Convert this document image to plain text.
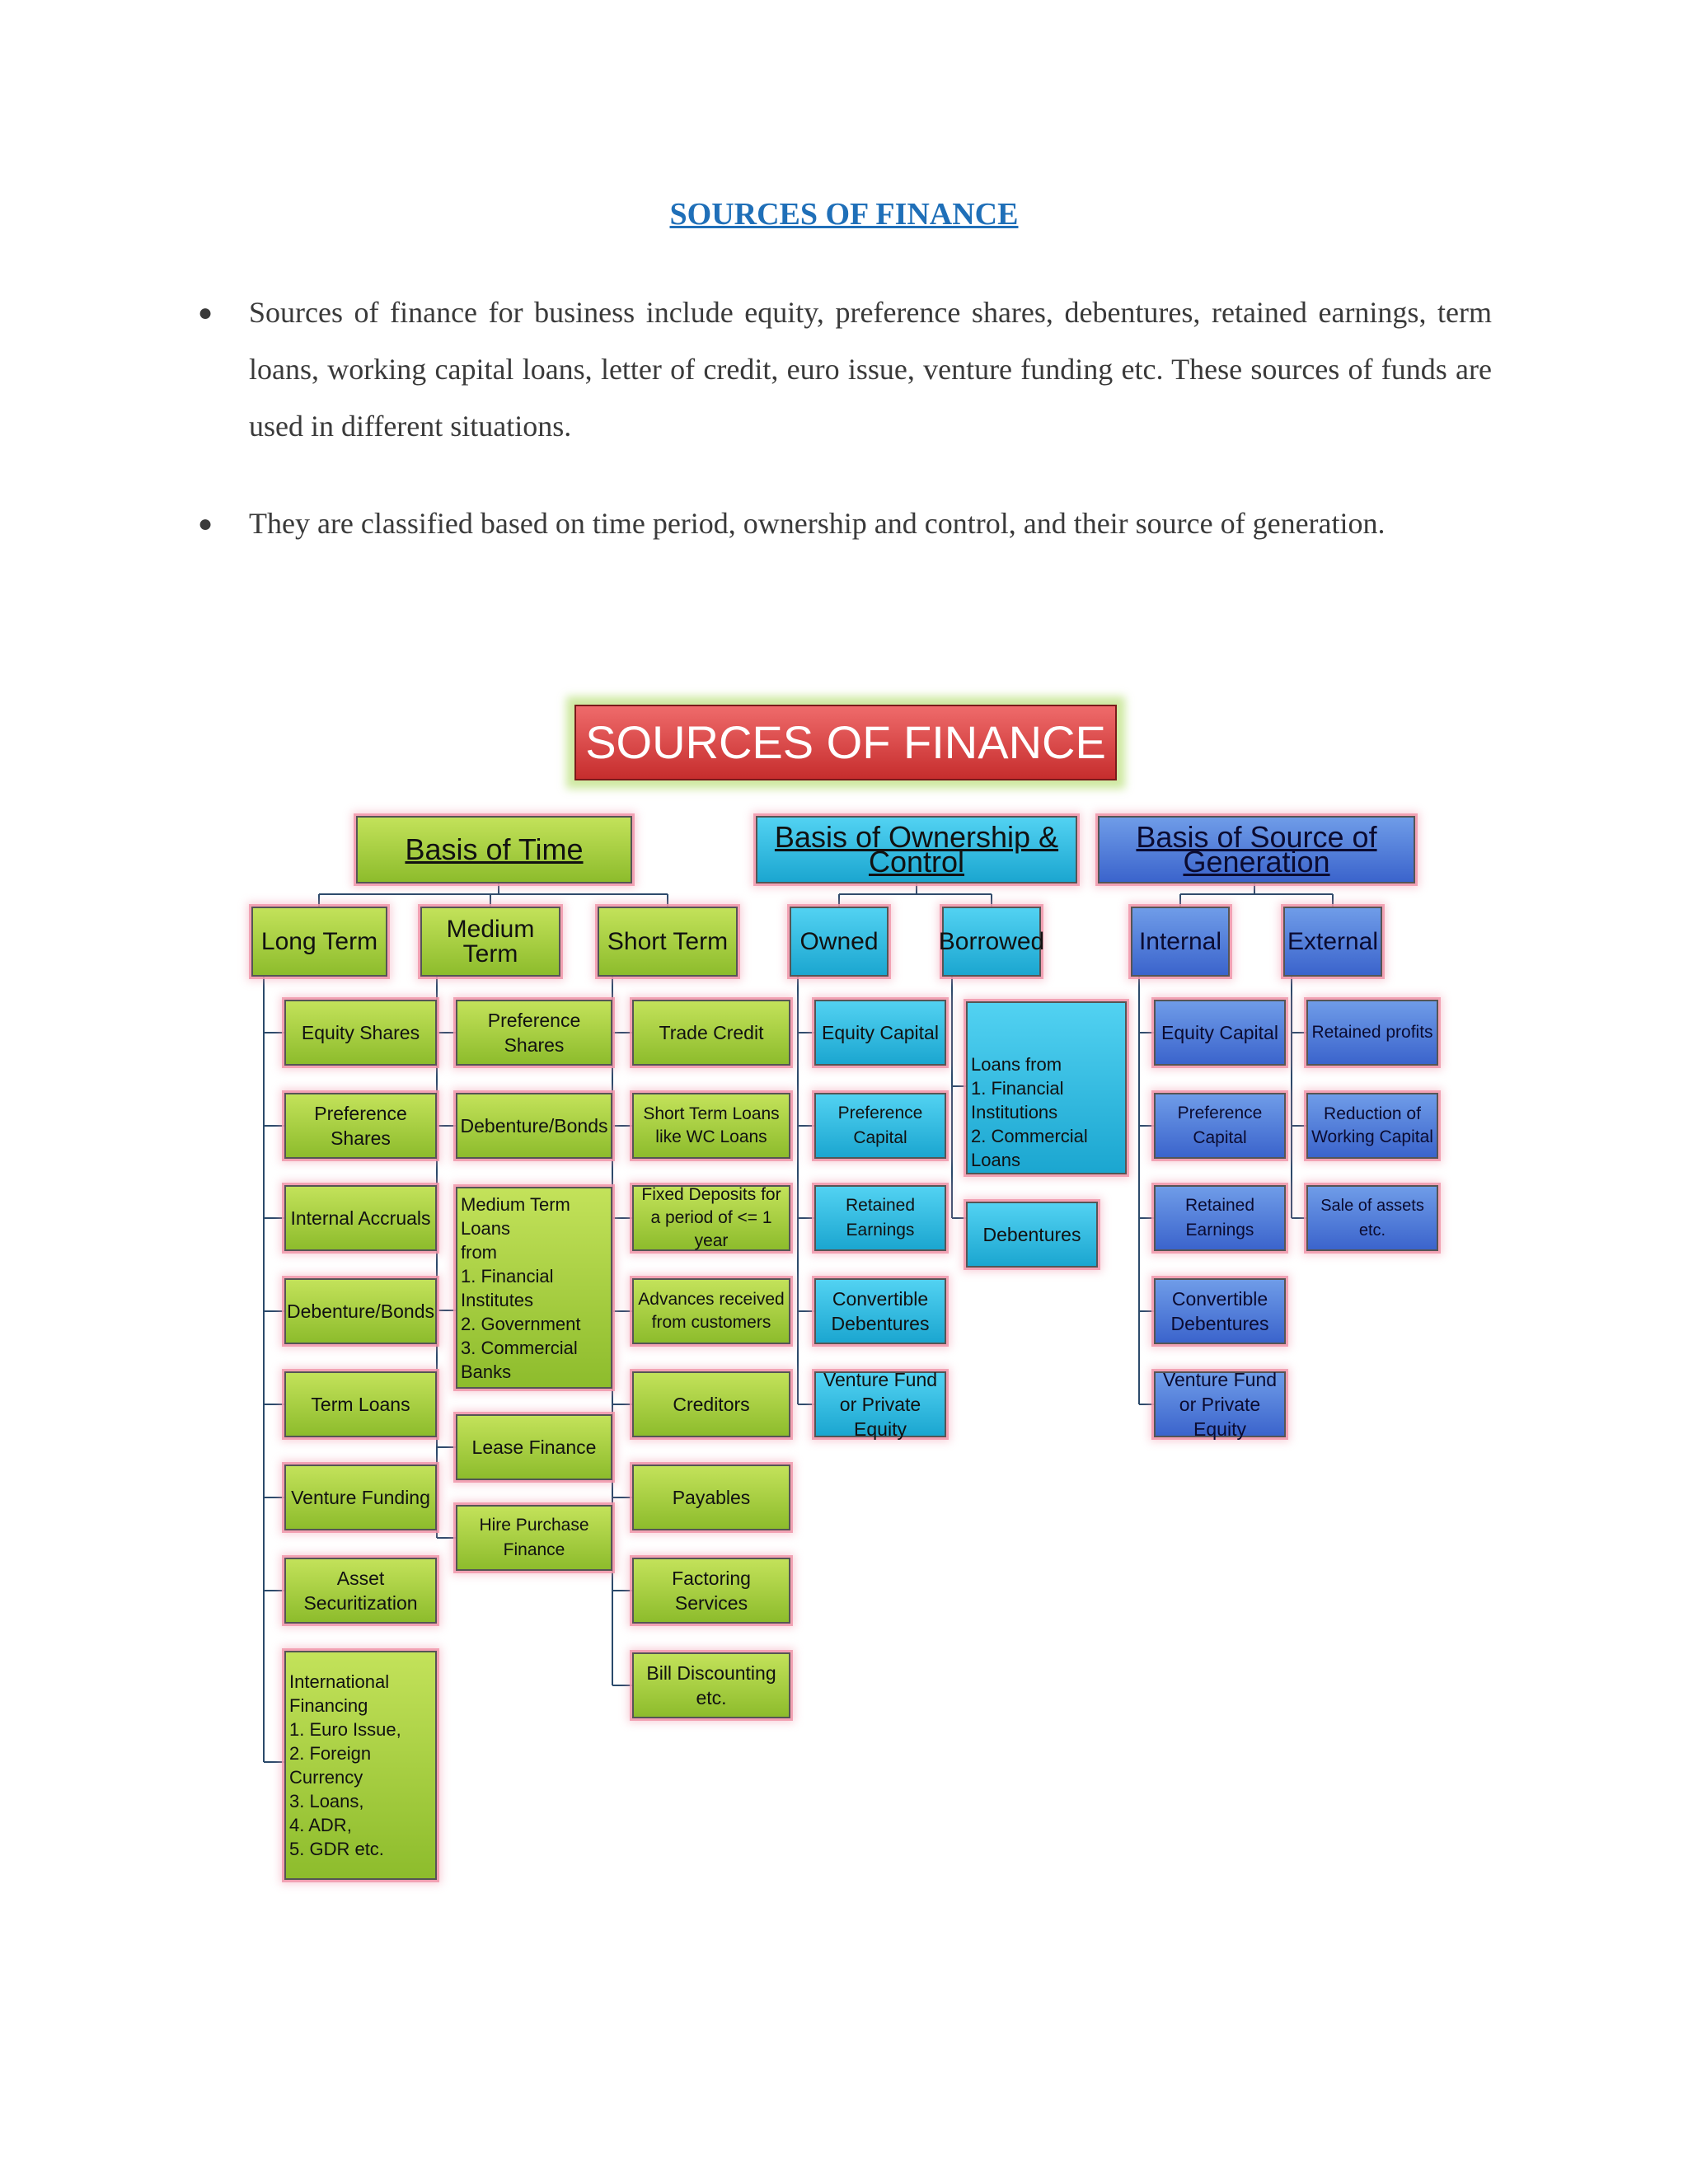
SOURCES OF FINANCE
● Sources of finance for business include equity, preference shares, debentures, retained earnings, term loans, working capital loans, letter of credit, euro issue, venture funding etc. These sources of funds are used in different situations.
● They are classified based on time period, ownership and control, and their source of generation.
SOURCES OF FINANCE
Basis of Time	Basis of Ownership & Control
Basis of Source of Generation
Long Term	Medium Term	Short Term	Owned	Borrowed	Internal	External
Equity Shares
Preference Shares
Internal Accruals
Debenture/Bonds
Term Loans
Venture Funding
Asset Securitization
International
Financing
1. Euro Issue,
2. Foreign Currency
3. Loans,
4. ADR,
5. GDR etc.
Preference Shares
Debenture/Bonds
Medium Term Loans
from
1. Financial Institutes
2. Government
3. Commercial Banks
Lease Finance
Hire Purchase Finance
Trade Credit
Short Term Loans like WC Loans
Fixed Deposits for a period of <= 1 year
Advances received from customers
Creditors
Payables
Factoring Services
Bill Discounting etc.
Equity Capital
Preference Capital
Retained Earnings
Convertible Debentures
Venture Fund or Private Equity
Loans from
1. Financial Institutions
2. Commercial Loans
Debentures
Equity Capital
Preference Capital
Retained Earnings
Convertible Debentures
Venture Fund or Private Equity
Retained profits
Reduction of Working Capital
Sale of assets etc.
